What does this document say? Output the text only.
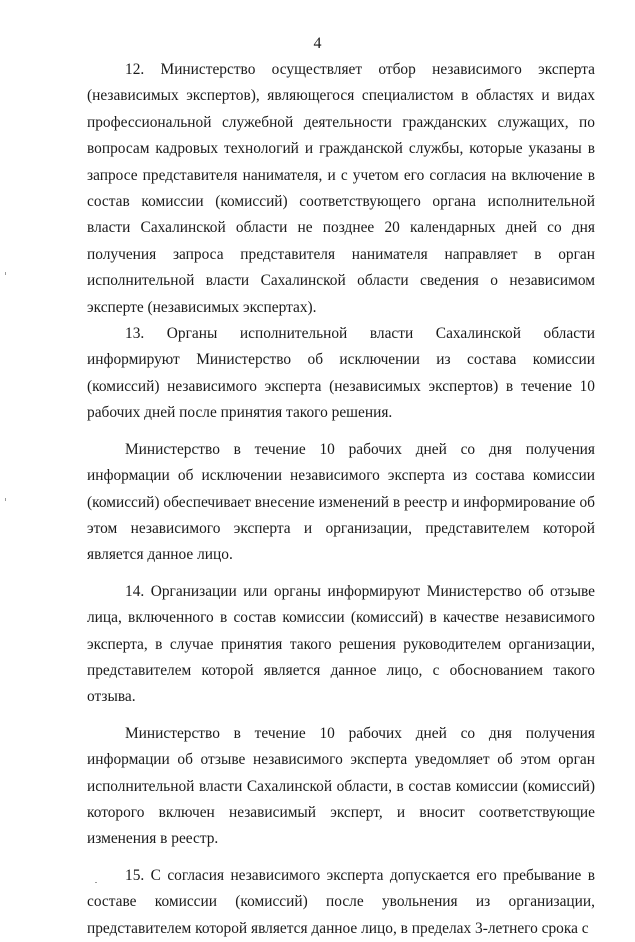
4

12. Министерство осуществляет отбор независимого эксперта (независимых экспертов), являющегося специалистом в областях и видах профессиональной служебной деятельности гражданских служащих, по вопросам кадровых технологий и гражданской службы, которые указаны в запросе представителя нанимателя, и с учетом его согласия на включение в состав комиссии (комиссий) соответствующего органа исполнительной власти Сахалинской области не позднее 20 календарных дней со дня получения запроса представителя нанимателя направляет в орган исполнительной власти Сахалинской области сведения о независимом эксперте (независимых экспертах).

13. Органы исполнительной власти Сахалинской области информируют Министерство об исключении из состава комиссии (комиссий) независимого эксперта (независимых экспертов) в течение 10 рабочих дней после принятия такого решения.

Министерство в течение 10 рабочих дней со дня получения информации об исключении независимого эксперта из состава комиссии (комиссий) обеспечивает внесение изменений в реестр и информирование об этом независимого эксперта и организации, представителем которой является данное лицо.

14. Организации или органы информируют Министерство об отзыве лица, включенного в состав комиссии (комиссий) в качестве независимого эксперта, в случае принятия такого решения руководителем организации, представителем которой является данное лицо, с обоснованием такого отзыва.

Министерство в течение 10 рабочих дней со дня получения информации об отзыве независимого эксперта уведомляет об этом орган исполнительной власти Сахалинской области, в состав комиссии (комиссий) которого включен независимый эксперт, и вносит соответствующие изменения в реестр.

15. С согласия независимого эксперта допускается его пребывание в составе комиссии (комиссий) после увольнения из организации, представителем которой является данное лицо, в пределах 3-летнего срока с
